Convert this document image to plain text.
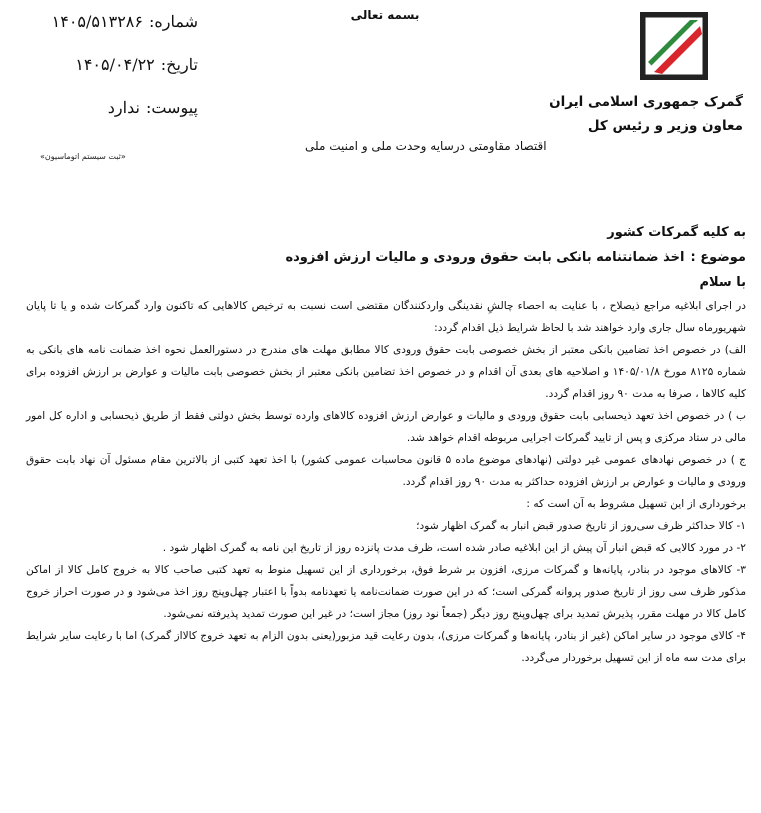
بسمه تعالی
گمرک جمهوری اسلامی ایران
معاون وزیر و رئیس کل
شماره:
۱۴۰۵/۵۱۳۲۸۶
تاریخ:
۱۴۰۵/۰۴/۲۲
پیوست:
ندارد
«ثبت سیستم اتوماسیون»
اقتصاد مقاومتی درسایه وحدت ملی و امنیت ملی
به کلیه گمرکات کشور
موضوع :اخذ ضمانتنامه بانکی بابت حقوق ورودی و مالیات ارزش افزوده
با سلام

در اجرای ابلاغیه مراجع ذیصلاح ، با عنایت به احصاء چالشِ نقدینگی واردکنندگان مقتضی است نسبت به ترخیص کالاهایی که تاکنون وارد گمرکات شده و یا تا پایان شهریورماه سال جاری وارد خواهند شد با لحاظ شرایط ذیل اقدام گردد:

الف) در خصوص اخذ تضامین بانکی معتبر از بخش خصوصی بابت حقوق ورودی کالا مطابق مهلت های مندرج در دستورالعمل نحوه اخذ ضمانت نامه های بانکی به شماره ۸۱۲۵ مورخ ۱۴۰۵/۰۱/۸ و اصلاحیه های بعدی آن اقدام و در خصوص اخذ تضامین بانکی معتبر از بخش خصوصی بابت مالیات و عوارض بر ارزش افزوده برای کلیه کالاها ، صرفا به مدت ۹۰ روز اقدام گردد.

ب ) در خصوص اخذ تعهد ذیحسابی بابت حقوق ورودی و مالیات و عوارض ارزش افزوده کالاهای وارده توسط بخش دولتی فقط از طریق ذیحسابی و اداره کل امور مالی در ستاد مرکزی و پس از تایید گمرکات اجرایی مربوطه اقدام خواهد شد.

ج ) در خصوص نهادهای عمومی غیر دولتی (نهادهای موضوع ماده ۵ قانون محاسبات عمومی کشور) با اخذ تعهد کتبی از بالاترین مقام مسئول آن نهاد بابت حقوق ورودی و مالیات و عوارض بر ارزش افزوده حداکثر به مدت ۹۰ روز اقدام گردد.

برخورداری از این تسهیل مشروط به آن است که :

۱- کالا حداکثر ظرف سی‌روز از تاریخ صدور قبض انبار به گمرک اظهار شود؛

۲- در مورد کالایی که قبض انبار آن پیش از این ابلاغیه صادر شده است، ظرف مدت پانزده روز از تاریخ این نامه به گمرک اظهار شود .

۳- کالاهای موجود در بنادر، پایانه‌ها و گمرکات مرزی، افزون بر شرط فوق، برخورداری از این تسهیل منوط به تعهد کتبی صاحب کالا به خروج کامل کالا از اماکن مذکور ظرف سی روز از تاریخ صدور پروانه گمرکی است؛ که در این صورت ضمانت‌نامه یا تعهدنامه بدواً با اعتبار چهل‌وپنج روز اخذ می‌شود و در صورت احراز خروج کامل کالا در مهلت مقرر، پذیرش تمدید برای چهل‌وپنج روز دیگر (جمعاً نود روز) مجاز است؛ در غیر این صورت تمدید پذیرفته نمی‌شود.

۴- کالای موجود در سایر اماکن (غیر از بنادر، پایانه‌ها و گمرکات مرزی)، بدون رعایت قید مزبور(یعنی بدون الزام به تعهد خروج کالااز گمرک) اما با رعایت سایر شرایط برای مدت سه ماه از این تسهیل برخوردار می‌گردد.
